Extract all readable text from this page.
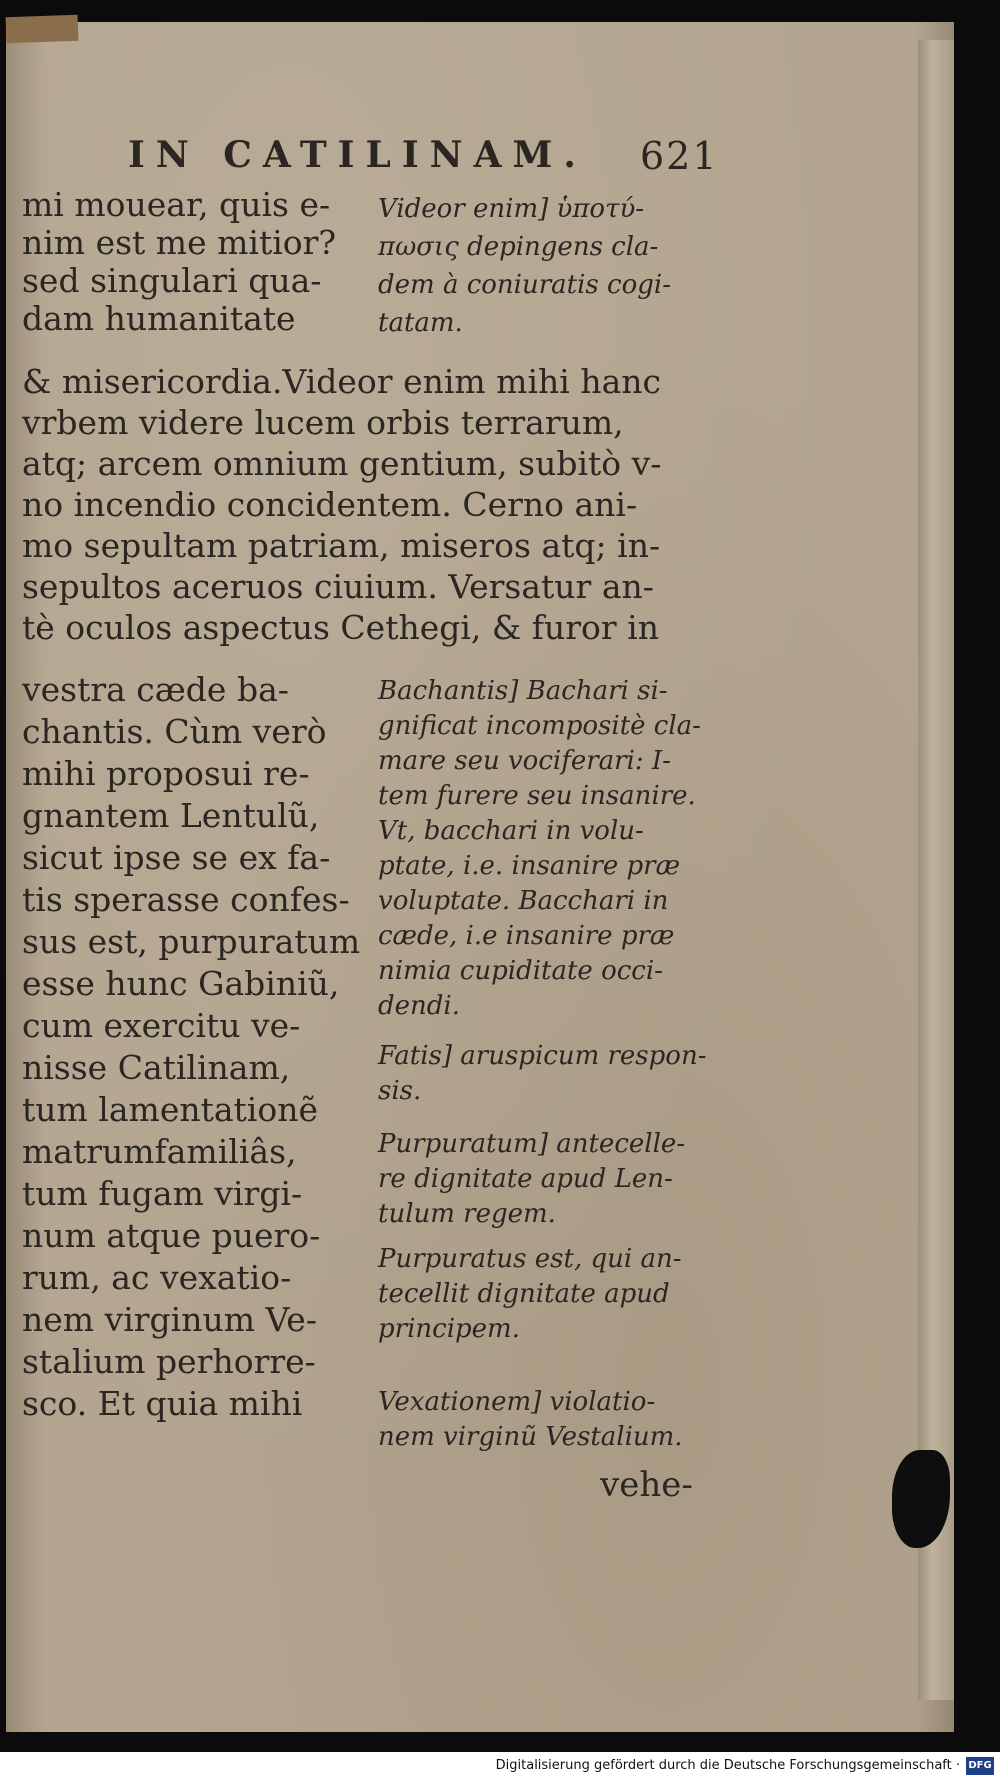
IN CATILINAM. 621
mi mouear, quis e-
nim est me mitior?
sed singulari qua-
dam humanitate
& misericordia.Videor enim mihi hanc
vrbem videre lucem orbis terrarum,
atq; arcem omnium gentium, subitò v-
no incendio concidentem. Cerno ani-
mo sepultam patriam, miseros atq; in-
sepultos aceruos ciuium. Versatur an-
tè oculos aspectus Cethegi, & furor in
vestra cæde ba-
chantis. Cùm verò
mihi proposui re-
gnantem Lentulũ,
sicut ipse se ex fa-
tis sperasse confes-
sus est, purpuratum
esse hunc Gabiniũ,
cum exercitu ve-
nisse Catilinam,
tum lamentationẽ
matrumfamiliâs,
tum fugam virgi-
num atque puero-
rum, ac vexatio-
nem virginum Ve-
stalium perhorre-
sco. Et quia mihi
Videor enim] ὑποτύ-
πωσις depingens cla-
dem à coniuratis cogi-
tatam.
Bachantis] Bachari si-
gnificat incompositè cla-
mare seu vociferari: I-
tem furere seu insanire.
Vt, bacchari in volu-
ptate, i.e. insanire præ
voluptate. Bacchari in
cæde, i.e insanire præ
nimia cupiditate occi-
dendi.
Fatis] aruspicum respon-
sis.
Purpuratum] antecelle-
re dignitate apud Len-
tulum regem.
Purpuratus est, qui an-
tecellit dignitate apud
principem.
Vexationem] violatio-
nem virginũ Vestalium.
vehe-
Digitalisierung gefördert durch die Deutsche Forschungsgemeinschaft · DFG
